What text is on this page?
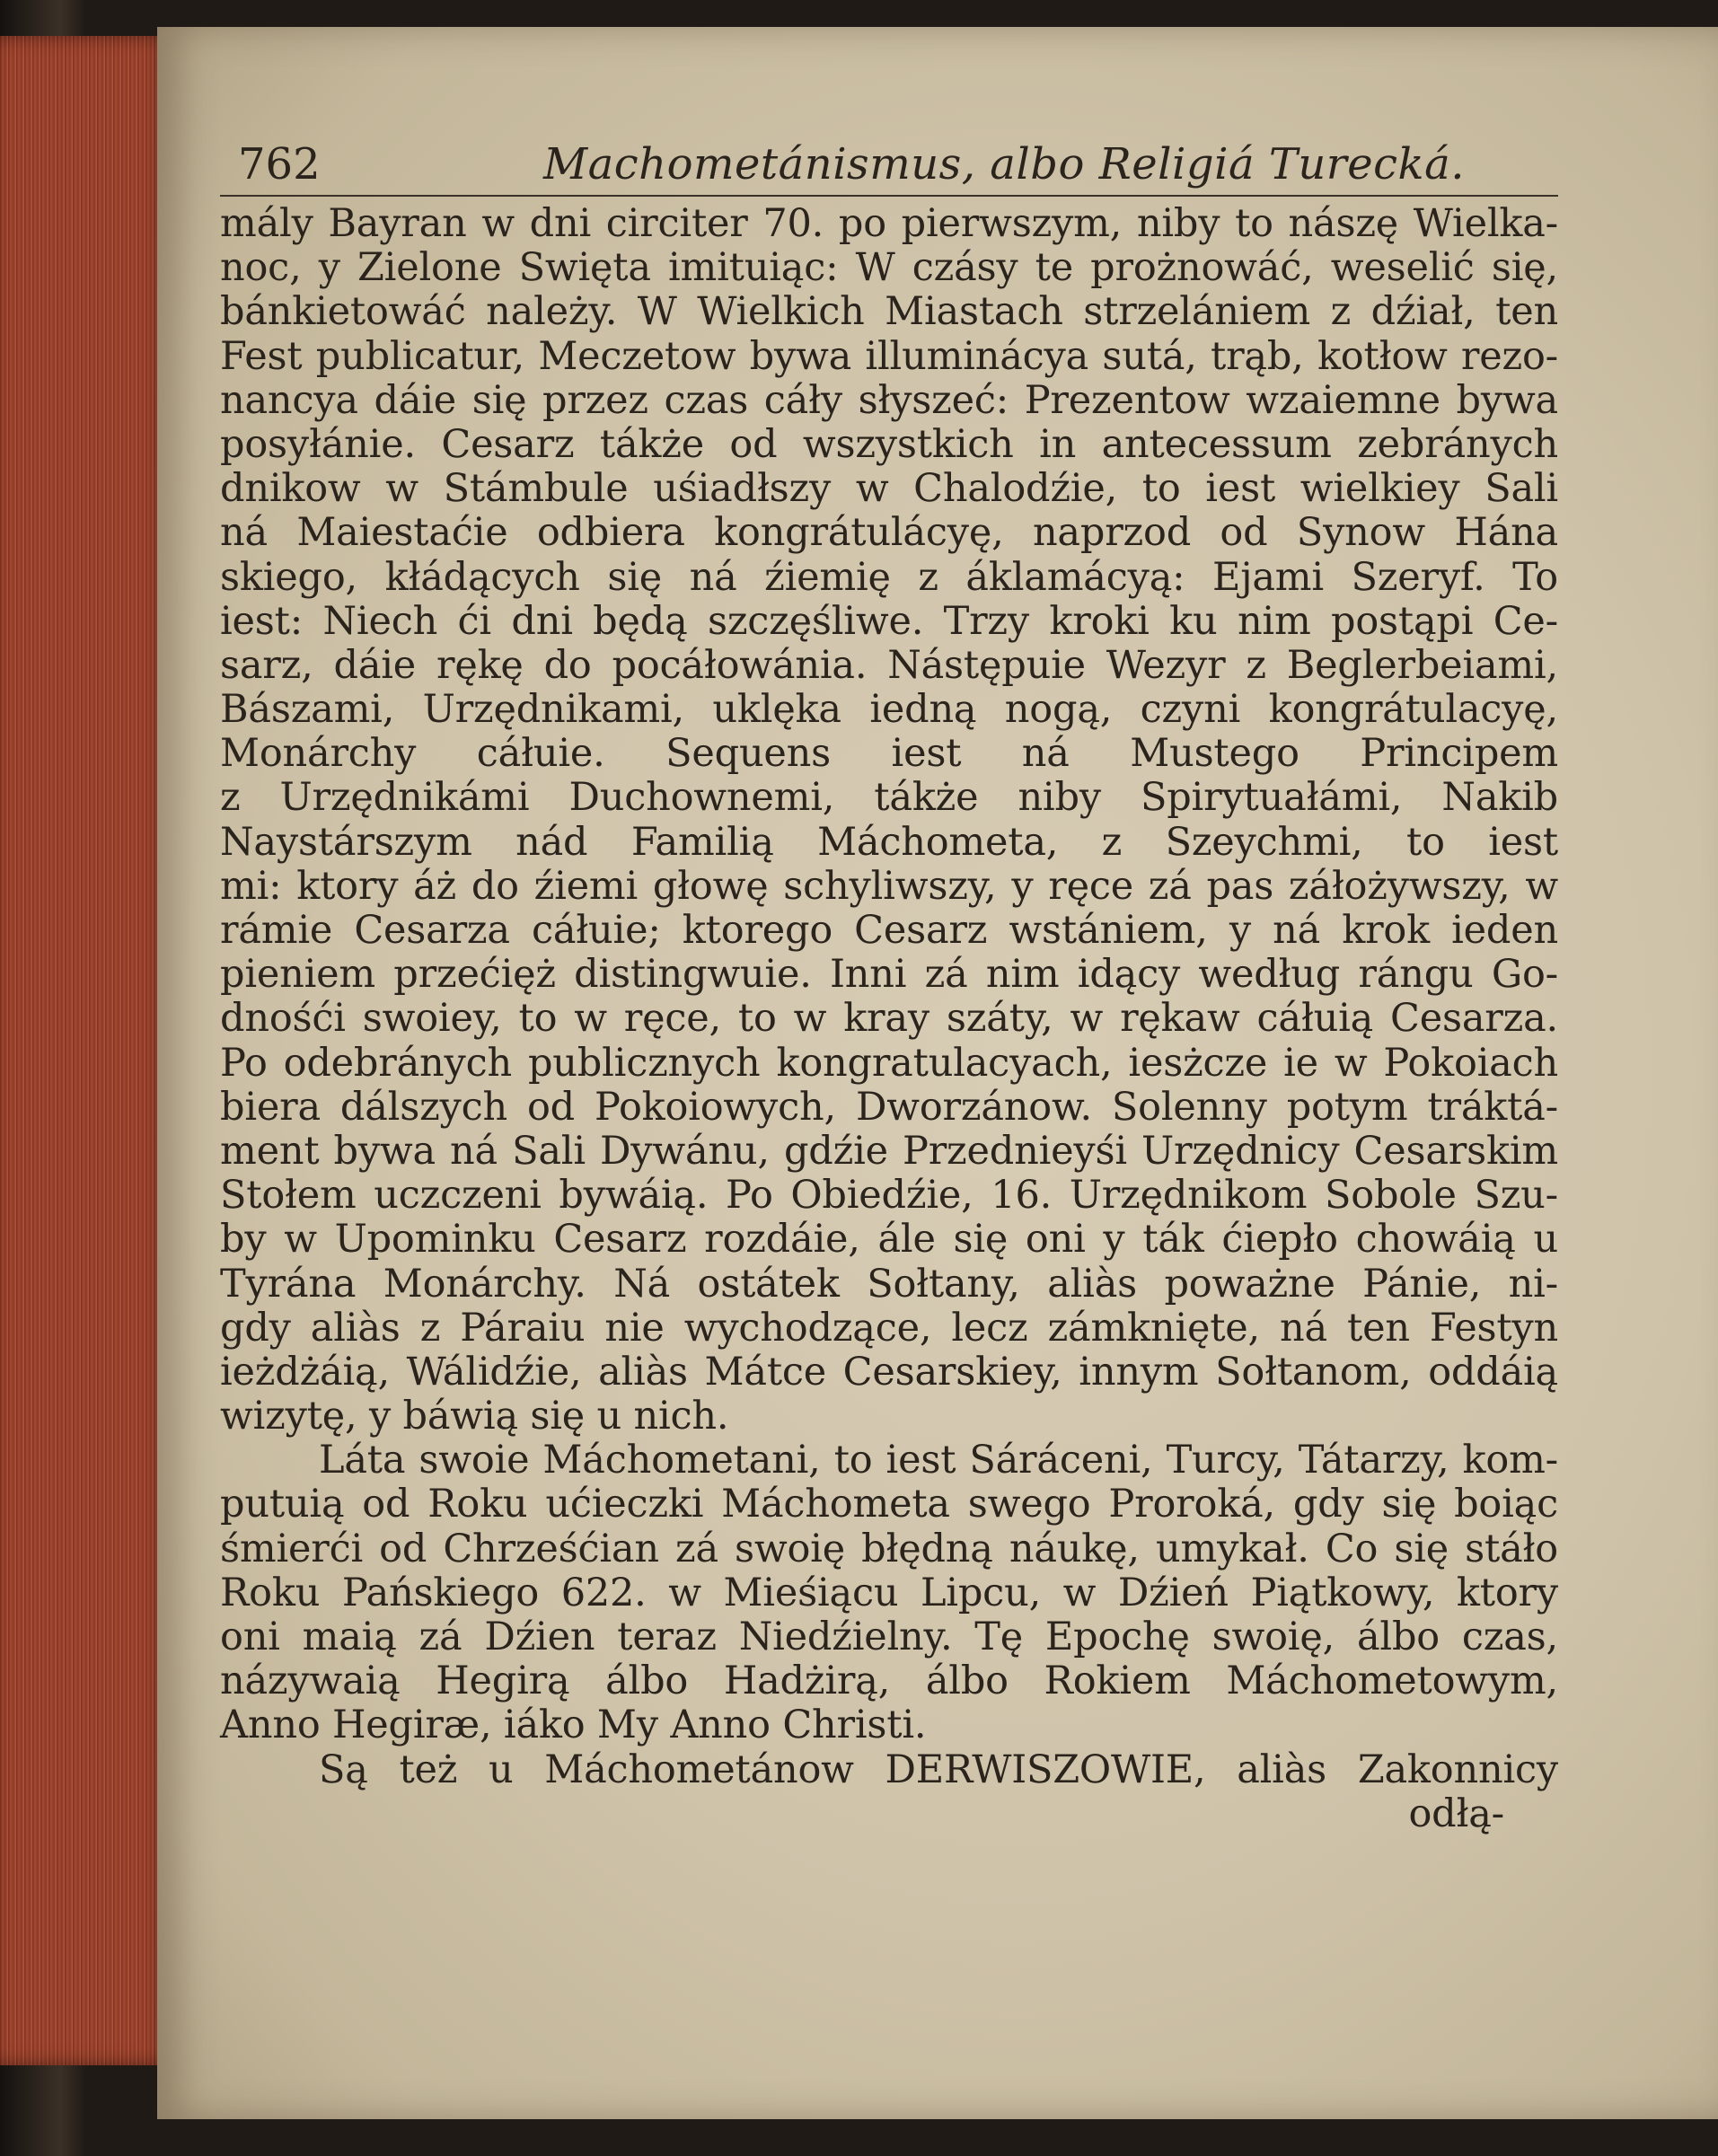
762	Machometánismus, albo Religiá Turecká.
mály Bayran w dni circiter 70. po pierwszym, niby to nászę Wielka-
noc, y Zielone Swięta imituiąc: W czásy te prożnowáć, weselić się,
bánkietowáć należy. W Wielkich Miastach strzelániem z dźiał, ten
Fest publicatur, Meczetow bywa illuminácya sutá, trąb, kotłow rezo-
nancya dáie się przez czas cáły słyszeć: Prezentow wzaiemne bywa
posyłánie. Cesarz tákże od wszystkich in antecessum zebránych
dnikow w Stámbule uśiadłszy w Chalodźie, to iest wielkiey Sali
ná Maiestaćie odbiera kongrátulácyę, naprzod od Synow Hána
skiego, kłádących się ná źiemię z áklamácyą: Ejami Szeryf. To
iest: Niech ći dni będą szczęśliwe. Trzy kroki ku nim postąpi Ce-
sarz, dáie rękę do pocáłowánia. Nástępuie Wezyr z Beglerbeiami,
Bászami, Urzędnikami, uklęka iedną nogą, czyni kongrátulacyę,
Monárchy cáłuie. Sequens iest ná Mustego Principem
z Urzędnikámi Duchownemi, tákże niby Spirytuałámi, Nakib
Naystárszym nád Familią Máchometa, z Szeychmi, to iest
mi: ktory áż do źiemi głowę schyliwszy, y ręce zá pas záłożywszy, w
rámie Cesarza cáłuie; ktorego Cesarz wstániem, y ná krok ieden
pieniem przećięż distingwuie. Inni zá nim idący według rángu Go-
dnośći swoiey, to w ręce, to w kray száty, w rękaw cáłuią Cesarza.
Po odebránych publicznych kongratulacyach, iesżcze ie w Pokoiach
biera dálszych od Pokoiowych, Dworzánow. Solenny potym tráktá-
ment bywa ná Sali Dywánu, gdźie Przednieyśi Urzędnicy Cesarskim
Stołem uczczeni bywáią. Po Obiedźie, 16. Urzędnikom Sobole Szu-
by w Upominku Cesarz rozdáie, ále się oni y ták ćiepło chowáią u
Tyrána Monárchy. Ná ostátek Sołtany, aliàs poważne Pánie, ni-
gdy aliàs z Páraiu nie wychodzące, lecz zámknięte, ná ten Festyn
ieżdżáią, Wálidźie, aliàs Mátce Cesarskiey, innym Sołtanom, oddáią
wizytę, y báwią się u nich.
Láta swoie Máchometani, to iest Sáráceni, Turcy, Tátarzy, kom-
putuią od Roku ućieczki Máchometa swego Proroká, gdy się boiąc
śmierći od Chrześćian zá swoię błędną náukę, umykał. Co się stáło
Roku Pańskiego 622. w Mieśiącu Lipcu, w Dźień Piątkowy, ktory
oni maią zá Dźien teraz Niedźielny. Tę Epochę swoię, álbo czas,
názywaią Hegirą álbo Hadżirą, álbo Rokiem Máchometowym,
Anno Hegiræ, iáko My Anno Christi.
Są też u Máchometánow DERWISZOWIE, aliàs Zakonnicy
odłą-
